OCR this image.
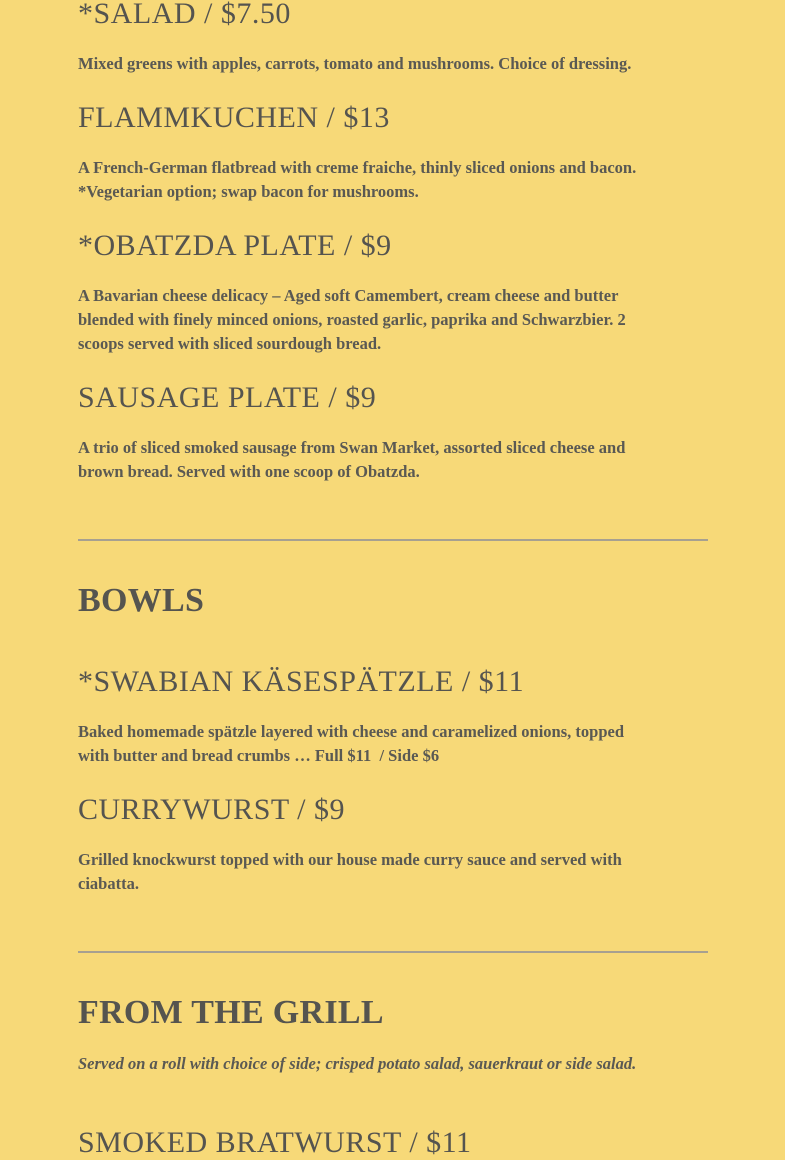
*SALAD / $7.50

Mixed greens with apples, carrots, tomato and mushrooms. Choice of dressing.

FLAMMKUCHEN / $13

A French-German flatbread with creme fraiche, thinly sliced onions and bacon.
*Vegetarian option; swap bacon for mushrooms.

*OBATZDA PLATE / $9

A Bavarian cheese delicacy – Aged soft Camembert, cream cheese and butter
blended with finely minced onions, roasted garlic, paprika and Schwarzbier. 2
scoops served with sliced sourdough bread.

SAUSAGE PLATE / $9

A trio of sliced smoked sausage from Swan Market, assorted sliced cheese and
brown bread. Served with one scoop of Obatzda.

BOWLS
*SWABIAN KÄSESPÄTZLE / $11

Baked homemade spätzle layered with cheese and caramelized onions, topped
with butter and bread crumbs … Full $11  / Side $6

CURRYWURST / $9

Grilled knockwurst topped with our house made curry sauce and served with
ciabatta.

FROM THE GRILL

Served on a roll with choice of side; crisped potato salad, sauerkraut or side salad.

SMOKED BRATWURST / $11
